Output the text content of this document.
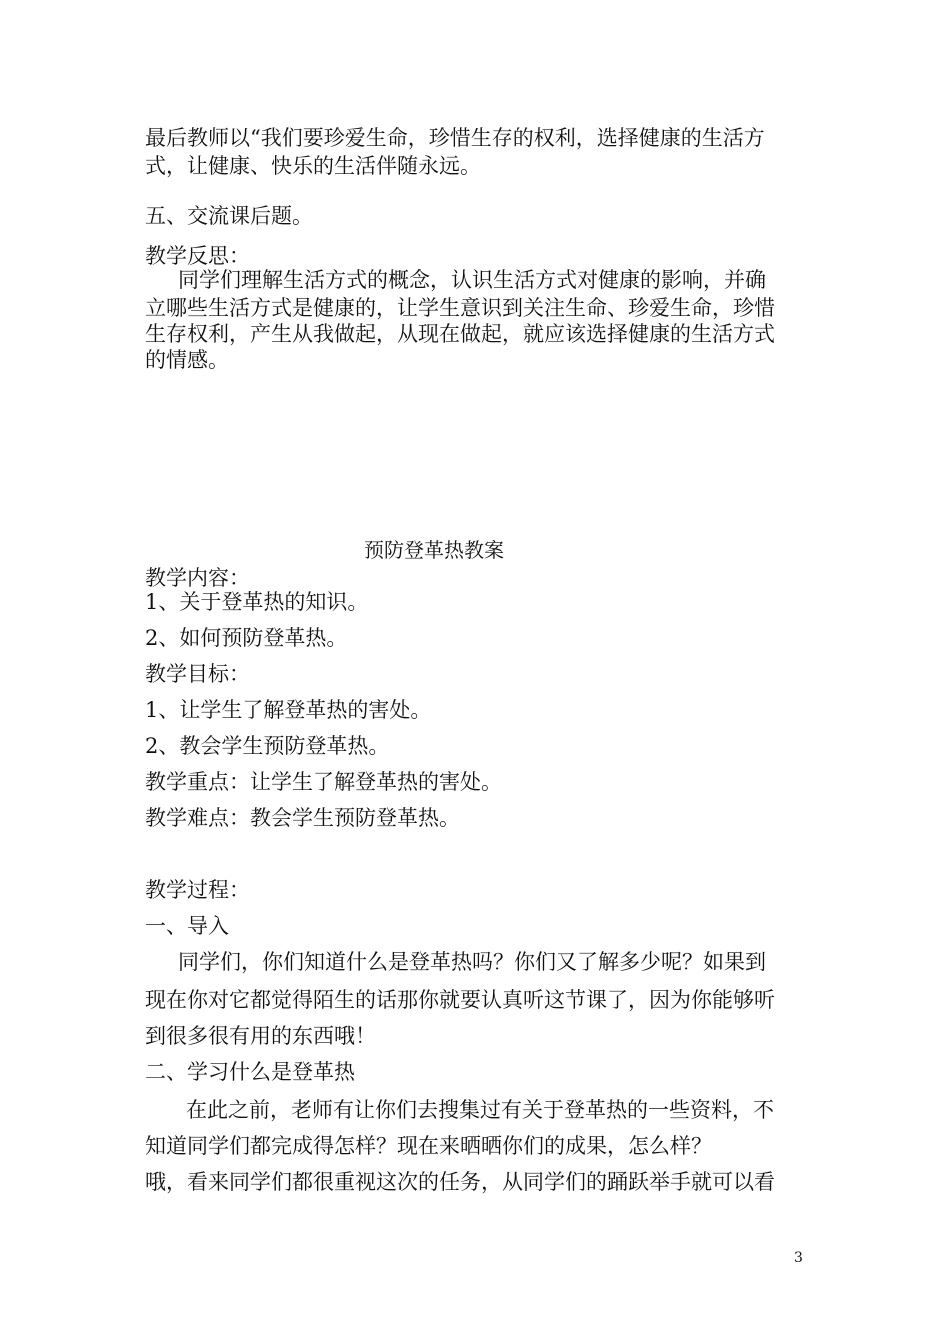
最后教师以“我们要珍爱生命，珍惜生存的权利，选择健康的生活方

式，让健康、快乐的生活伴随永远。

五、交流课后题。

教学反思：

同学们理解生活方式的概念，认识生活方式对健康的影响，并确

立哪些生活方式是健康的，让学生意识到关注生命、珍爱生命，珍惜

生存权利，产生从我做起，从现在做起，就应该选择健康的生活方式

的情感。

预防登革热教案

教学内容：

1、关于登革热的知识。

2、如何预防登革热。

教学目标：

1、让学生了解登革热的害处。

2、教会学生预防登革热。

教学重点：让学生了解登革热的害处。

教学难点：教会学生预防登革热。

教学过程：

一、导入

同学们，你们知道什么是登革热吗？你们又了解多少呢？如果到

现在你对它都觉得陌生的话那你就要认真听这节课了，因为你能够听

到很多很有用的东西哦！

二、学习什么是登革热

在此之前，老师有让你们去搜集过有关于登革热的一些资料，不

知道同学们都完成得怎样？现在来晒晒你们的成果，怎么样？

哦，看来同学们都很重视这次的任务，从同学们的踊跃举手就可以看

3
